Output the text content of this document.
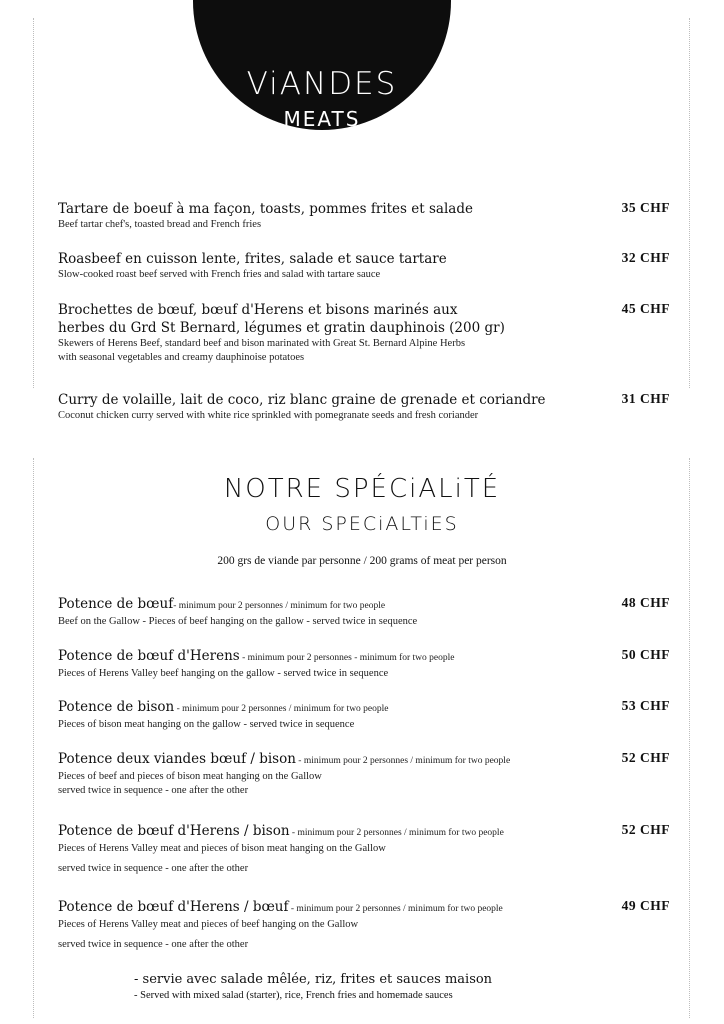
ViANDES
MEATS
Tartare de boeuf à ma façon, toasts, pommes frites et salade
Beef tartar chef's, toasted bread and French fries
35 CHF
Roasbeef en cuisson lente, frites, salade et sauce tartare
Slow-cooked roast beef served with French fries and salad with tartare sauce
32 CHF
Brochettes de bœuf, bœuf d'Herens et bisons marinés aux
herbes du Grd St Bernard, légumes et gratin dauphinois (200 gr)
Skewers of Herens Beef, standard beef and bison marinated with Great St. Bernard Alpine Herbs
with seasonal vegetables and creamy dauphinoise potatoes
45 CHF
Curry de volaille, lait de coco, riz blanc graine de grenade et coriandre
Coconut chicken curry served with white rice sprinkled with pomegranate seeds and fresh coriander
31 CHF
NOTRE SPÉCiALiTÉ
OUR SPECiALTiES
200 grs de viande par personne / 200 grams of meat per person
Potence de bœuf- minimum pour 2 personnes / minimum for two people
Beef on the Gallow - Pieces of beef hanging on the gallow - served twice in sequence
48 CHF
Potence de bœuf d'Herens - minimum pour 2 personnes - minimum for two people
Pieces of Herens Valley beef hanging on the gallow - served twice in sequence
50 CHF
Potence de bison - minimum pour 2 personnes / minimum for two people
Pieces of bison meat hanging on the gallow - served twice in sequence
53 CHF
Potence deux viandes bœuf / bison - minimum pour 2 personnes / minimum for two people
Pieces of beef and pieces of bison meat hanging on the Gallow
served twice in sequence - one after the other
52 CHF
Potence de bœuf d'Herens / bison - minimum pour 2 personnes / minimum for two people
Pieces of Herens Valley meat and pieces of bison meat hanging on the Gallow
served twice in sequence - one after the other
52 CHF
Potence de bœuf d'Herens / bœuf - minimum pour 2 personnes / minimum for two people
Pieces of Herens Valley meat and pieces of beef hanging on the Gallow
served twice in sequence - one after the other
49 CHF
- servie avec salade mêlée, riz, frites et sauces maison
- Served with mixed salad (starter), rice, French fries and homemade sauces
